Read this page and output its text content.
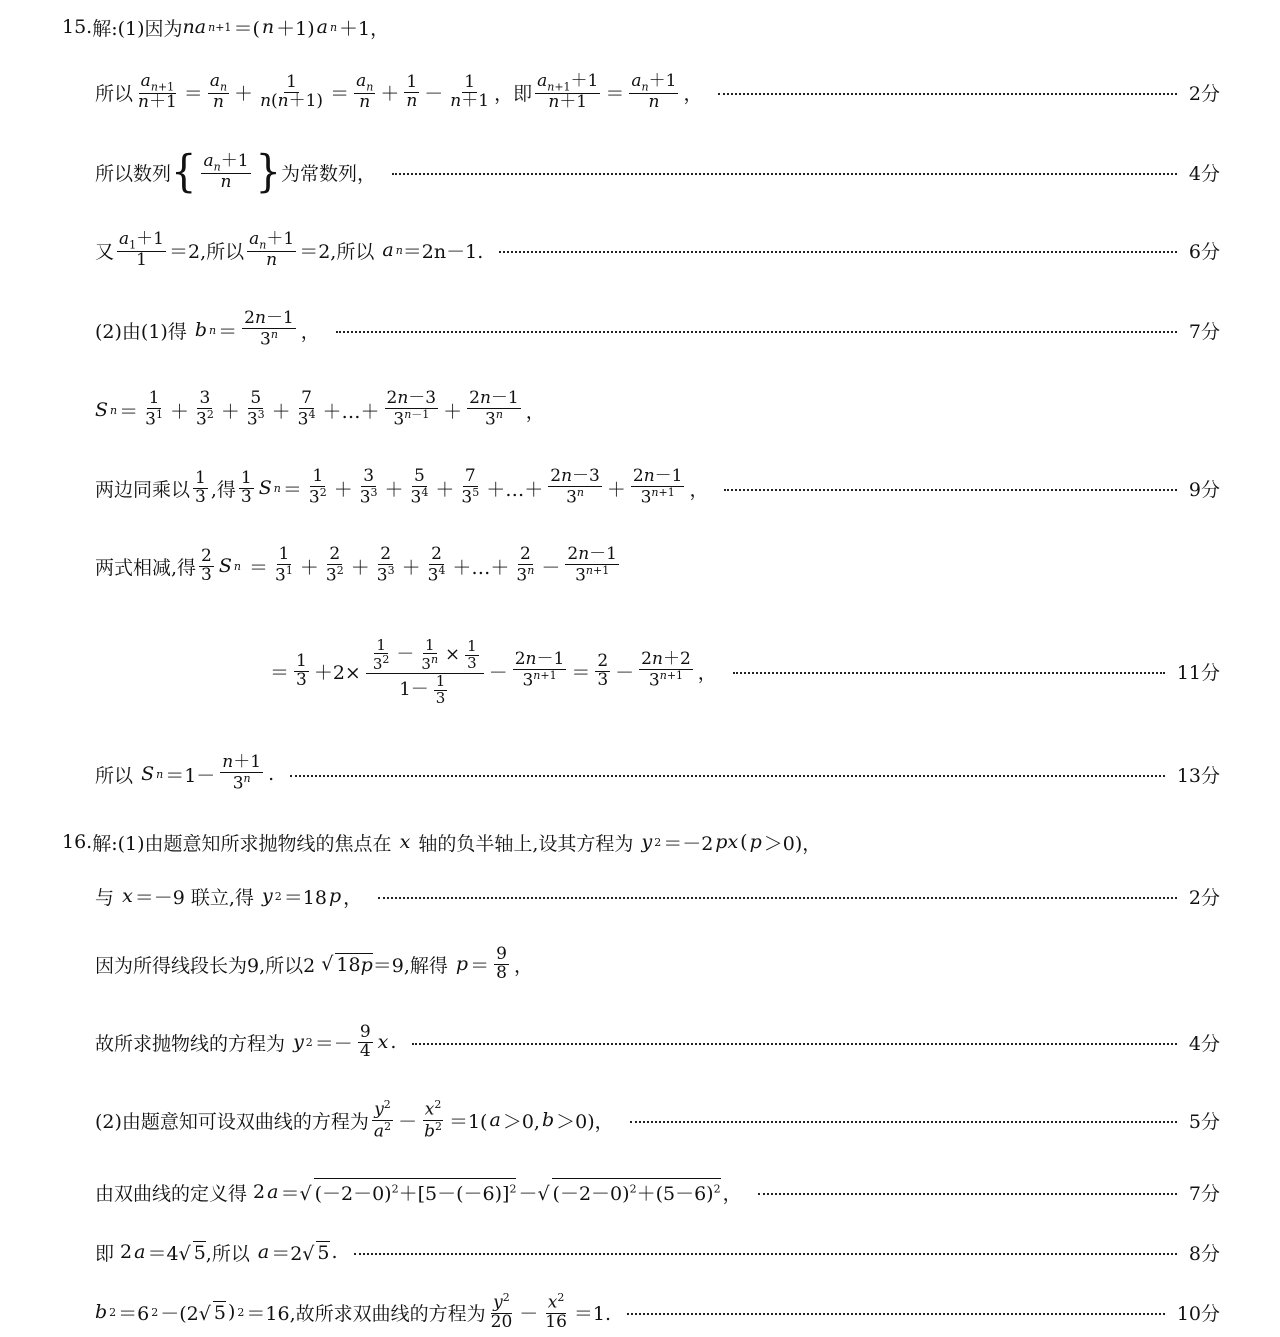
15. 解: (1)因为 na n+1 ＝( n ＋1) a n ＋1，
所以 $\frac{a_{n+1}}{n+1} = \frac{a_n}{n} + \frac{1}{n(n+1)} = \frac{a_n}{n} + \frac{1}{n} - \frac{1}{n+1}$ ，即 $\frac{a_{n+1}+1}{n+1} = \frac{a_n+1}{n}$ ，	2分
所以数列 { $\frac{a_n+1}{n}$ } 为常数列，	4分
又 $\frac{a_1+1}{1} =2$,所以 $\frac{a_n+1}{n} =2$,所以
a n ＝2n－1.	6分
(2)由(1)得
b $n = \frac{2n-1}{3^n}$ ，	7分
S $n = \frac{1}{3^1} + \frac{3}{3^2} + \frac{5}{3^3} + \frac{7}{3^4}$ ＋…＋ $\frac{2n-3}{3^{n-1}} + \frac{2n-1}{3^n}$ ，
两边同乘以 $\frac{1}{3}$ ,得 $\frac{1}{3}$ S $n = \frac{1}{3^2} + \frac{3}{3^3} + \frac{5}{3^4} + \frac{7}{3^5}$ ＋…＋ $\frac{2n-3}{3^n} + \frac{2n-1}{3^{n+1}}$ ，	9分
两式相减,得 $\frac{2}{3}$ S $n = \frac{1}{3^1} + \frac{2}{3^2} + \frac{2}{3^3} + \frac{2}{3^4}$ ＋…＋ $\frac{2}{3^n} - \frac{2n-1}{3^{n+1}}$
＝ $\frac{1}{3} +2\times \frac{\frac{1}{3^2} - \frac{1}{3^n} \times \frac{1}{3}}{1- \frac{1}{3}} - \frac{2n-1}{3^{n+1}} = \frac{2}{3} - \frac{2n+2}{3^{n+1}}$ ，	11分
所以
S $n =1- \frac{n+1}{3^n}$ .	13分
16. 解: (1)由题意知所求抛物线的焦点在
x
轴的负半轴上,设其方程为
y 2 ＝－2 px ( p ＞0)，
与
x ＝－9 联立,得
y 2 ＝18 p ，	2分
因为所得线段长为9,所以2 √ 18p ＝9,解得
$p = \frac{9}{8}$ ，
故所求抛物线的方程为
y $2 =- \frac{9}{4}$ x .	4分
(2)由题意知可设双曲线的方程为 $\frac{y^2}{a^2} - \frac{x^2}{b^2} =1$( a ＞0, b ＞0)，	5分
由双曲线的定义得 2 a ＝√ $(-2-0)^2+[5-(-6)]^2$ －√ $(-2-0)^2+(5-6)^2$ ，	7分
即 2 a ＝4√ 5 ,所以
a ＝2√ 5 .	8分
b 2 ＝6 2 －(2√ 5 ) 2 ＝16 ,故所求双曲线的方程为 $\frac{y^2}{20} - \frac{x^2}{16} =1$.	10分
